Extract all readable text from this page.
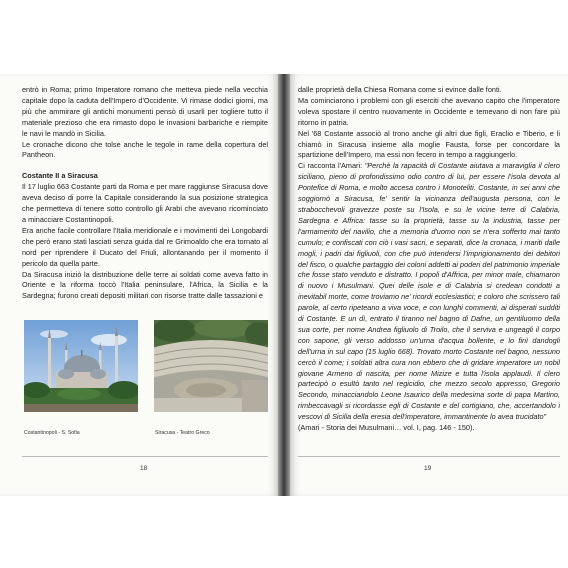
entrò in Roma; primo Imperatore romano che metteva piede nella vecchia capitale dopo la caduta dell'Impero d'Occidente. Vi rimase dodici giorni, ma più che ammirare gli antichi monumenti pensò di usarli per togliere tutto il materiale prezioso che era rimasto dopo le invasioni barbariche e riempite le navi le mandò in Sicilia.

Le cronache dicono che tolse anche le tegole in rame della copertura del Pantheon.

Costante II a Siracusa

Il 17 luglio 663 Costante parti da Roma e per mare raggiunse Siracusa dove aveva deciso di porre la Capitale considerando la sua posizione strategica che permetteva di tenere sotto controllo gli Arabi che avevano ricominciato a minacciare Costantinopoli.

Era anche facile controllare l'Italia meridionale e i movimenti dei Longobardi che però erano stati lasciati senza guida dal re Grimoaldo che era tornato al nord per riprendere il Ducato del Friuli, allontanando per il momento il pericolo da quella parte.

Da Siracusa iniziò la distribuzione delle terre ai soldati come aveva fatto in Oriente e la riforma toccò l'Italia peninsulare, l'Africa, la Sicilia e la Sardegna; furono creati depositi militari con risorse tratte dalle tassazioni e

Costantinopoli - S. Sofia	Siracusa - Teatro Greco
18

dalle proprietà della Chiesa Romana come si evince dalle fonti.

Ma cominciarono i problemi con gli eserciti che avevano capito che l'imperatore voleva spostare il centro nuovamente in Occidente e temevano di non fare più ritorno in patria.

Nel '68 Costante associò al trono anche gli altri due figli, Eraclio e Tiberio, e li chiamò in Siracusa insieme alla moglie Fausta, forse per concordare la spartizione dell'Impero, ma essi non fecero in tempo a raggiungerlo.

Ci racconta l'Amari: "Perchè la rapacità di Costante aiutava a maraviglia il clero siciliano, pieno di profondissimo odio contro di lui, per essere l'isola devota al Pontefice di Roma, e molto accesa contro i Monoteliti. Costante, in sei anni che soggiornò a Siracusa, fe' sentir la vicinanza dell'augusta persona, con le strabocchevoli gravezze poste su l'Isola, e su le vicine terre di Calabria, Sardegna e Affrica: tasse su la proprietà, tasse su la industria, tasse per l'armamento del navilio, che a memoria d'uomo non se n'era sofferto mai tanto cumulo; e confiscati con ciò i vasi sacri, e separati, dice la cronaca, i mariti dalle mogli, i padri dai figliuoli, con che può intendersi l'imprigionamento dei debitori del fisco, o qualche partaggio dei coloni addetti ai poderi del patrimonio imperiale che fosse stato venduto e distratto. I popoli d'Affrica, per minor male, chiamaron di nuovo i Musulmani. Quei delle isole e di Calabria si credean condotti a inevitabil morte, come troviamo ne' ricordi ecclesiastici; e coloro che scrissero tali parole, al certo ripeteano a viva voce, e con lunghi commenti, ai disperati sudditi di Costante. E un dì, entrato il tiranno nel bagno di Dafne, un gentiluomo della sua corte, per nome Andrea figliuolo di Troilo, che il serviva e ungeagli il corpo con sapone, gli verso addosso un'urna d'acqua bollente, e lo finì dandogli dell'urna in sul capo (15 luglio 668). Trovato morto Costante nel bagno, nessuno cercò il come; i soldati altra cura non ebbero che di gridare imperatore un nobil giovane Armeno di nascita, per nome Mizize e tutta l'isola applaudì. Il clero partecipò o esultò tanto nel regicidio, che mezzo secolo appresso, Gregorio Secondo, minacciandolo Leone Isaurico della medesima sorte di papa Martino, rimbeccavagli si ricordasse egli di Costante e del cortigiano, che, accertandolo i vescovi di Sicilia della eresia dell'imperatore, immantinente lo avea trucidato"

(Amari - Storia dei Musulmani… vol. I, pag. 146 - 150).

19
